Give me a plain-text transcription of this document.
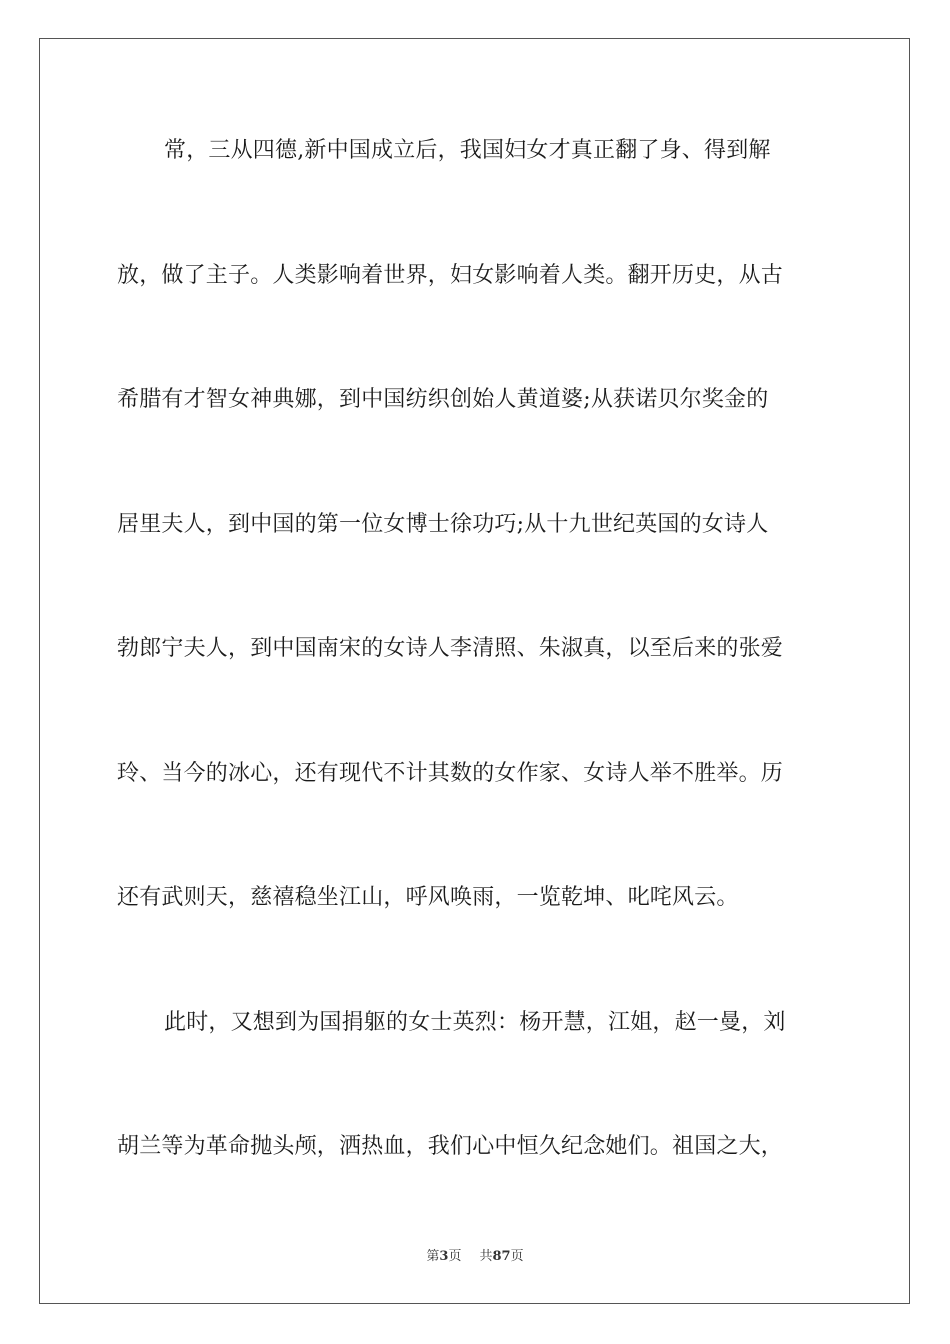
常，三从四德,新中国成立后，我国妇女才真正翻了身、得到解
放，做了主子。人类影响着世界，妇女影响着人类。翻开历史，从古
希腊有才智女神典娜，到中国纺织创始人黄道婆;从获诺贝尔奖金的
居里夫人，到中国的第一位女博士徐功巧;从十九世纪英国的女诗人
勃郎宁夫人，到中国南宋的女诗人李清照、朱淑真，以至后来的张爱
玲、当今的冰心，还有现代不计其数的女作家、女诗人举不胜举。历
还有武则天，慈禧稳坐江山，呼风唤雨，一览乾坤、叱咤风云。
此时，又想到为国捐躯的女士英烈：杨开慧，江姐，赵一曼，刘
胡兰等为革命抛头颅，洒热血，我们心中恒久纪念她们。祖国之大，
第3页 共87页
